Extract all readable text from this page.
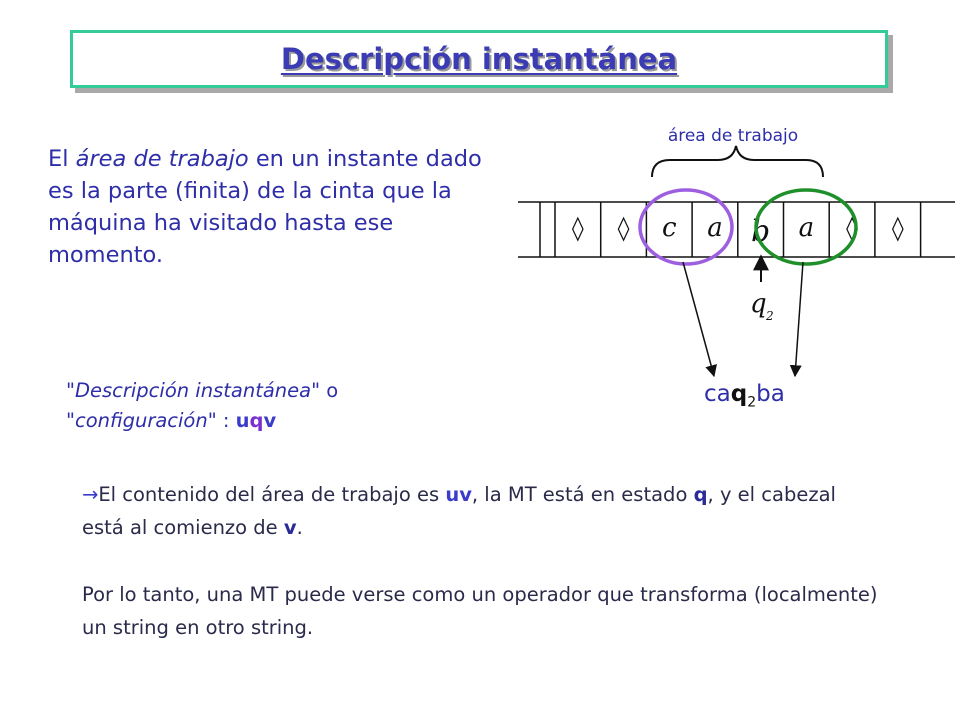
Descripción instantánea
El área de trabajo en un instante dado es la parte (finita) de la cinta que la máquina ha visitado hasta ese momento.
"Descripción instantánea" o
"configuración" : uqv
→El contenido del área de trabajo es uv, la MT está en estado q, y el cabezal está al comienzo de v.
Por lo tanto, una MT puede verse como un operador que transforma (localmente) un string en otro string.
área de trabajo
◊ ◊ c a b a ◊ ◊
q 2
caq$_2$ba
